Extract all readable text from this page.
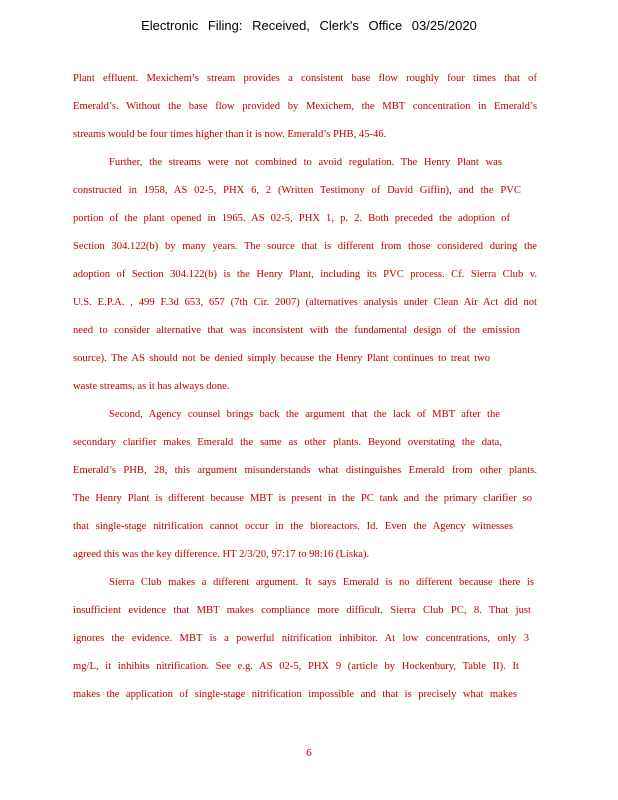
Electronic Filing: Received, Clerk's Office 03/25/2020
Plant effluent. Mexichem’s stream provides a consistent base flow roughly four times that of
Emerald’s. Without the base flow provided by Mexichem, the MBT concentration in Emerald’s
streams would be four times higher than it is now. Emerald’s PHB, 45-46.
Further, the streams were not combined to avoid regulation. The Henry Plant was
constructed in 1958, AS 02-5, PHX 6, 2 (Written Testimony of David Giffin), and the PVC
portion of the plant opened in 1965. AS 02-5, PHX 1, p. 2. Both preceded the adoption of
Section 304.122(b) by many years. The source that is different from those considered during the
adoption of Section 304.122(b) is the Henry Plant, including its PVC process. Cf. Sierra Club v.
U.S. E.P.A. , 499 F.3d 653, 657 (7th Cir. 2007) (alternatives analysis under Clean Air Act did not
need to consider alternative that was inconsistent with the fundamental design of the emission
source). The AS should not be denied simply because the Henry Plant continues to treat two
waste streams, as it has always done.
Second, Agency counsel brings back the argument that the lack of MBT after the
secondary clarifier makes Emerald the same as other plants. Beyond overstating the data,
Emerald’s PHB, 28, this argument misunderstands what distinguishes Emerald from other plants.
The Henry Plant is different because MBT is present in the PC tank and the primary clarifier so
that single-stage nitrification cannot occur in the bioreactors. Id. Even the Agency witnesses
agreed this was the key difference. HT 2/3/20, 97:17 to 98:16 (Liska).
Sierra Club makes a different argument. It says Emerald is no different because there is
insufficient evidence that MBT makes compliance more difficult. Sierra Club PC, 8. That just
ignores the evidence. MBT is a powerful nitrification inhibitor. At low concentrations, only 3
mg/L, it inhibits nitrification. See e.g. AS 02-5, PHX 9 (article by Hockenbury, Table II). It
makes the application of single-stage nitrification impossible and that is precisely what makes
6
